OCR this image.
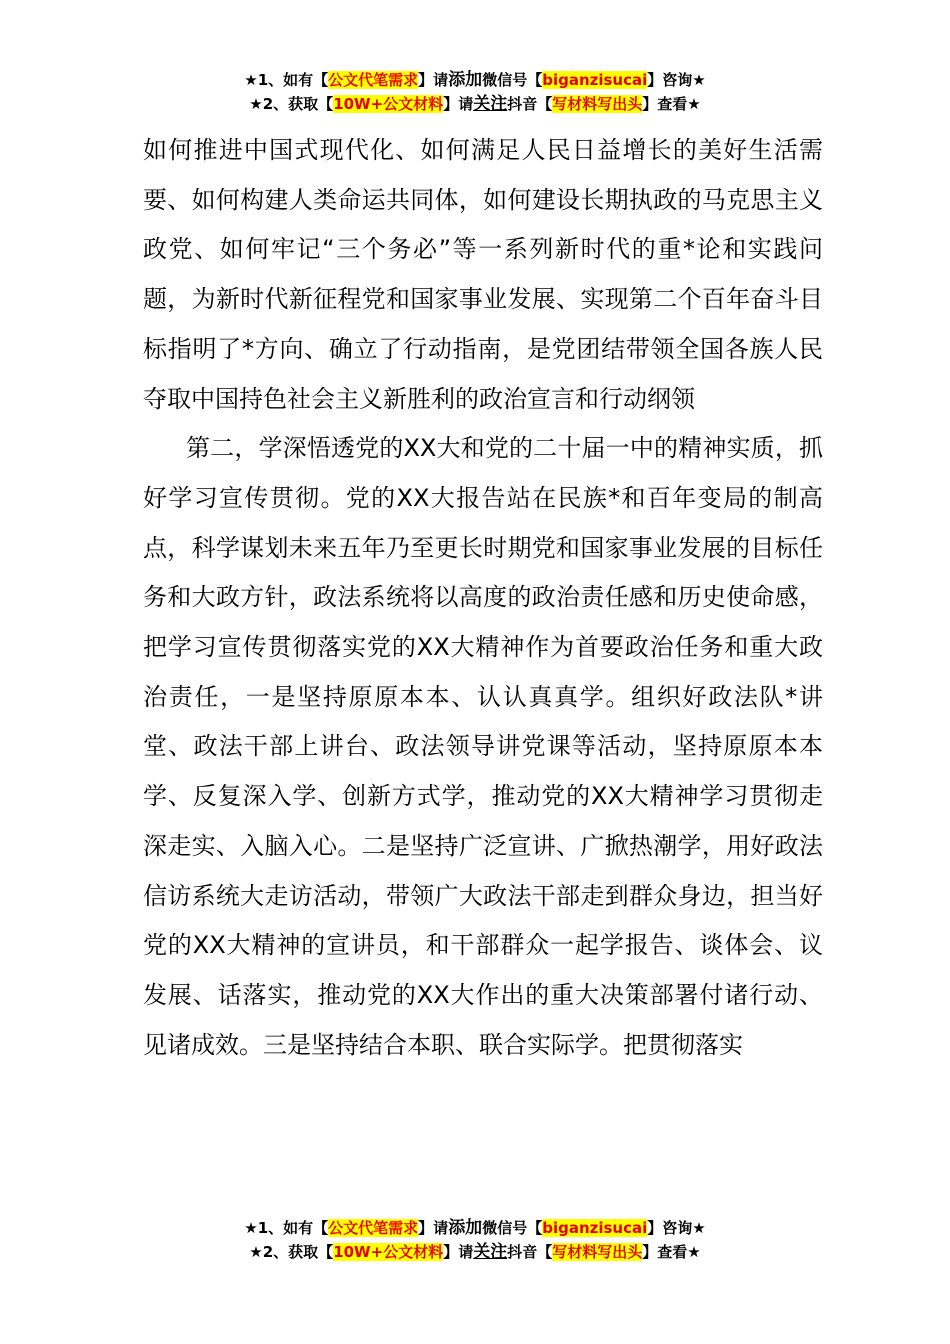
★1、如有【公文代笔需求】请添加微信号【biganzisucai】咨询★
★2、获取【10W+公文材料】请关注抖音【写材料写出头】查看★

如何推进中国式现代化、如何满足人民日益增长的美好生活需要、如何构建人类命运共同体，如何建设长期执政的马克思主义政党、如何牢记“三个务必”等一系列新时代的重*论和实践问题，为新时代新征程党和国家事业发展、实现第二个百年奋斗目标指明了*方向、确立了行动指南，是党团结带领全国各族人民夺取中国持色社会主义新胜利的政治宣言和行动纲领

第二，学深悟透党的XX大和党的二十届一中的精神实质，抓好学习宣传贯彻。党的XX大报告站在民族*和百年变局的制高点，科学谋划未来五年乃至更长时期党和国家事业发展的目标任务和大政方针，政法系统将以高度的政治责任感和历史使命感，把学习宣传贯彻落实党的XX大精神作为首要政治任务和重大政治责任，一是坚持原原本本、认认真真学。组织好政法队*讲堂、政法干部上讲台、政法领导讲党课等活动，坚持原原本本学、反复深入学、创新方式学，推动党的XX大精神学习贯彻走深走实、入脑入心。二是坚持广泛宣讲、广掀热潮学，用好政法信访系统大走访活动，带领广大政法干部走到群众身边，担当好党的XX大精神的宣讲员，和干部群众一起学报告、谈体会、议发展、话落实，推动党的XX大作出的重大决策部署付诸行动、见诸成效。三是坚持结合本职、联合实际学。把贯彻落实

★1、如有【公文代笔需求】请添加微信号【biganzisucai】咨询★
★2、获取【10W+公文材料】请关注抖音【写材料写出头】查看★
